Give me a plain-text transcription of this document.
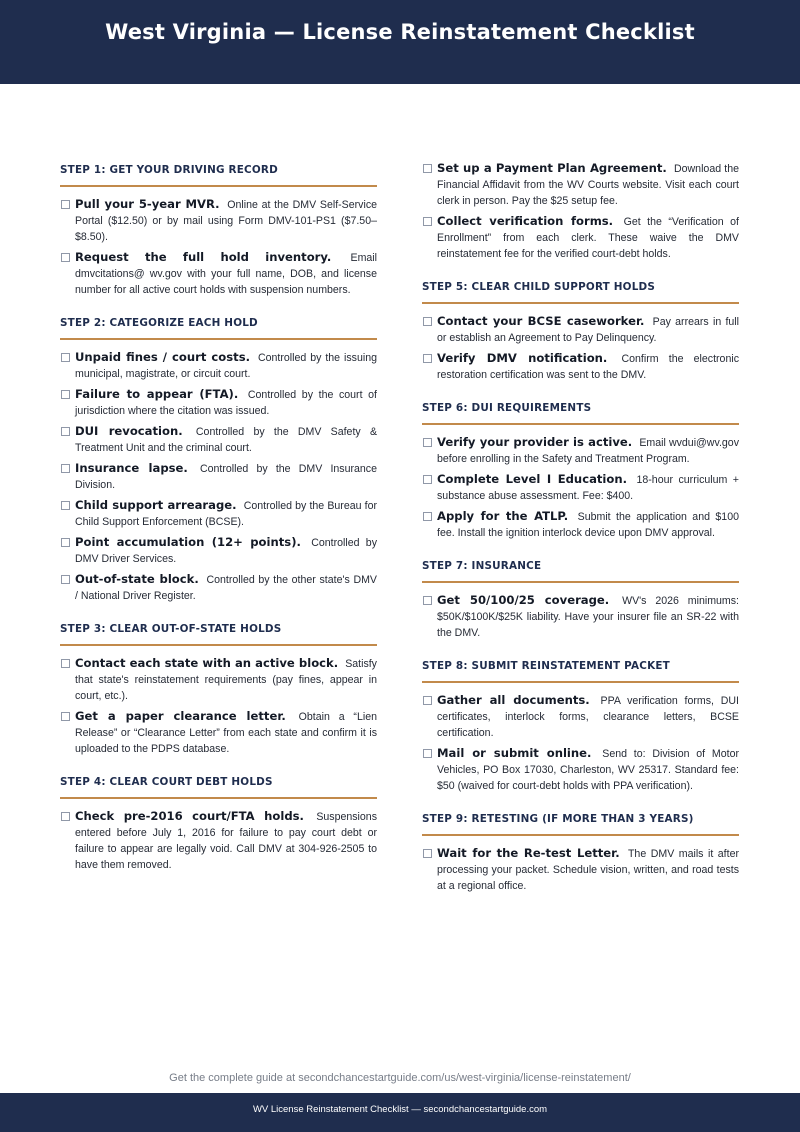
West Virginia — License Reinstatement Checklist
STEP 1: GET YOUR DRIVING RECORD
Pull your 5-year MVR. Online at the DMV Self-Service Portal ($12.50) or by mail using Form DMV-101-PS1 ($7.50–$8.50).
Request the full hold inventory. Email dmvcitations@ wv.gov with your full name, DOB, and license number for all active court holds with suspension numbers.
STEP 2: CATEGORIZE EACH HOLD
Unpaid fines / court costs. Controlled by the issuing municipal, magistrate, or circuit court.
Failure to appear (FTA). Controlled by the court of jurisdiction where the citation was issued.
DUI revocation. Controlled by the DMV Safety & Treatment Unit and the criminal court.
Insurance lapse. Controlled by the DMV Insurance Division.
Child support arrearage. Controlled by the Bureau for Child Support Enforcement (BCSE).
Point accumulation (12+ points). Controlled by DMV Driver Services.
Out-of-state block. Controlled by the other state's DMV / National Driver Register.
STEP 3: CLEAR OUT-OF-STATE HOLDS
Contact each state with an active block. Satisfy that state's reinstatement requirements (pay fines, appear in court, etc.).
Get a paper clearance letter. Obtain a “Lien Release” or “Clearance Letter” from each state and confirm it is uploaded to the PDPS database.
STEP 4: CLEAR COURT DEBT HOLDS
Check pre-2016 court/FTA holds. Suspensions entered before July 1, 2016 for failure to pay court debt or failure to appear are legally void. Call DMV at 304-926-2505 to have them removed.
Set up a Payment Plan Agreement. Download the Financial Affidavit from the WV Courts website. Visit each court clerk in person. Pay the $25 setup fee.
Collect verification forms. Get the “Verification of Enrollment” from each clerk. These waive the DMV reinstatement fee for the verified court-debt holds.
STEP 5: CLEAR CHILD SUPPORT HOLDS
Contact your BCSE caseworker. Pay arrears in full or establish an Agreement to Pay Delinquency.
Verify DMV notification. Confirm the electronic restoration certification was sent to the DMV.
STEP 6: DUI REQUIREMENTS
Verify your provider is active. Email wvdui@wv.gov before enrolling in the Safety and Treatment Program.
Complete Level I Education. 18-hour curriculum + substance abuse assessment. Fee: $400.
Apply for the ATLP. Submit the application and $100 fee. Install the ignition interlock device upon DMV approval.
STEP 7: INSURANCE
Get 50/100/25 coverage. WV's 2026 minimums: $50K/$100K/$25K liability. Have your insurer file an SR-22 with the DMV.
STEP 8: SUBMIT REINSTATEMENT PACKET
Gather all documents. PPA verification forms, DUI certificates, interlock forms, clearance letters, BCSE certification.
Mail or submit online. Send to: Division of Motor Vehicles, PO Box 17030, Charleston, WV 25317. Standard fee: $50 (waived for court-debt holds with PPA verification).
STEP 9: RETESTING (IF MORE THAN 3 YEARS)
Wait for the Re-test Letter. The DMV mails it after processing your packet. Schedule vision, written, and road tests at a regional office.
Get the complete guide at secondchancestartguide.com/us/west-virginia/license-reinstatement/
WV License Reinstatement Checklist — secondchancestartguide.com
